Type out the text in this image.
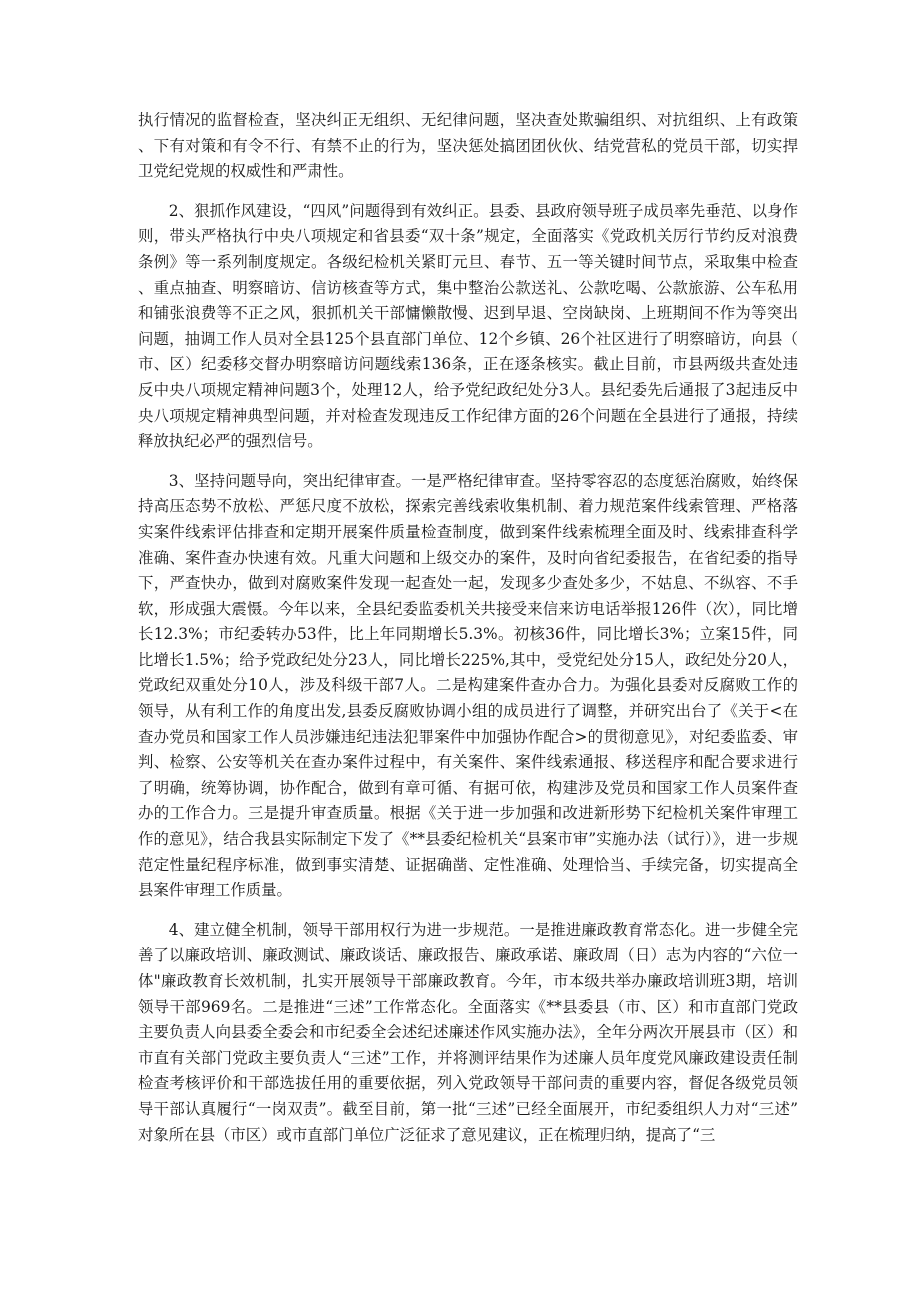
执行情况的监督检查，坚决纠正无组织、无纪律问题，坚决查处欺骗组织、对抗组织、上有政策、下有对策和有令不行、有禁不止的行为，坚决惩处搞团团伙伙、结党营私的党员干部，切实捍卫党纪党规的权威性和严肃性。

2、狠抓作风建设，“四风”问题得到有效纠正。县委、县政府领导班子成员率先垂范、以身作则，带头严格执行中央八项规定和省县委“双十条”规定，全面落实《党政机关厉行节约反对浪费条例》等一系列制度规定。各级纪检机关紧盯元旦、春节、五一等关键时间节点，采取集中检查、重点抽查、明察暗访、信访核查等方式，集中整治公款送礼、公款吃喝、公款旅游、公车私用和铺张浪费等不正之风，狠抓机关干部慵懒散慢、迟到早退、空岗缺岗、上班期间不作为等突出问题，抽调工作人员对全县125个县直部门单位、12个乡镇、26个社区进行了明察暗访，向县（市、区）纪委移交督办明察暗访问题线索136条，正在逐条核实。截止目前，市县两级共查处违反中央八项规定精神问题3个，处理12人，给予党纪政纪处分3人。县纪委先后通报了3起违反中央八项规定精神典型问题，并对检查发现违反工作纪律方面的26个问题在全县进行了通报，持续释放执纪必严的强烈信号。

3、坚持问题导向，突出纪律审查。一是严格纪律审查。坚持零容忍的态度惩治腐败，始终保持高压态势不放松、严惩尺度不放松，探索完善线索收集机制、着力规范案件线索管理、严格落实案件线索评估排查和定期开展案件质量检查制度，做到案件线索梳理全面及时、线索排查科学准确、案件查办快速有效。凡重大问题和上级交办的案件，及时向省纪委报告，在省纪委的指导下，严查快办，做到对腐败案件发现一起查处一起，发现多少查处多少，不姑息、不纵容、不手软，形成强大震慑。今年以来，全县纪委监委机关共接受来信来访电话举报126件（次），同比增长12.3%；市纪委转办53件，比上年同期增长5.3%。初核36件，同比增长3%；立案15件，同比增长1.5%；给予党政纪处分23人，同比增长225%,其中，受党纪处分15人，政纪处分20人，党政纪双重处分10人，涉及科级干部7人。二是构建案件查办合力。为强化县委对反腐败工作的领导，从有利工作的角度出发,县委反腐败协调小组的成员进行了调整，并研究出台了《关于<在查办党员和国家工作人员涉嫌违纪违法犯罪案件中加强协作配合>的贯彻意见》，对纪委监委、审判、检察、公安等机关在查办案件过程中，有关案件、案件线索通报、移送程序和配合要求进行了明确，统筹协调，协作配合，做到有章可循、有据可依，构建涉及党员和国家工作人员案件查办的工作合力。三是提升审查质量。根据《关于进一步加强和改进新形势下纪检机关案件审理工作的意见》，结合我县实际制定下发了《**县委纪检机关“县案市审”实施办法（试行）》，进一步规范定性量纪程序标准，做到事实清楚、证据确凿、定性准确、处理恰当、手续完备，切实提高全县案件审理工作质量。

4、建立健全机制，领导干部用权行为进一步规范。一是推进廉政教育常态化。进一步健全完善了以廉政培训、廉政测试、廉政谈话、廉政报告、廉政承诺、廉政周（日）志为内容的“六位一体"廉政教育长效机制，扎实开展领导干部廉政教育。今年，市本级共举办廉政培训班3期，培训领导干部969名。二是推进“三述”工作常态化。全面落实《**县委县（市、区）和市直部门党政主要负责人向县委全委会和市纪委全会述纪述廉述作风实施办法》，全年分两次开展县市（区）和市直有关部门党政主要负责人“三述”工作，并将测评结果作为述廉人员年度党风廉政建设责任制检查考核评价和干部选拔任用的重要依据，列入党政领导干部问责的重要内容，督促各级党员领导干部认真履行“一岗双责”。截至目前，第一批“三述”已经全面展开，市纪委组织人力对“三述”对象所在县（市区）或市直部门单位广泛征求了意见建议，正在梳理归纳，提高了“三
